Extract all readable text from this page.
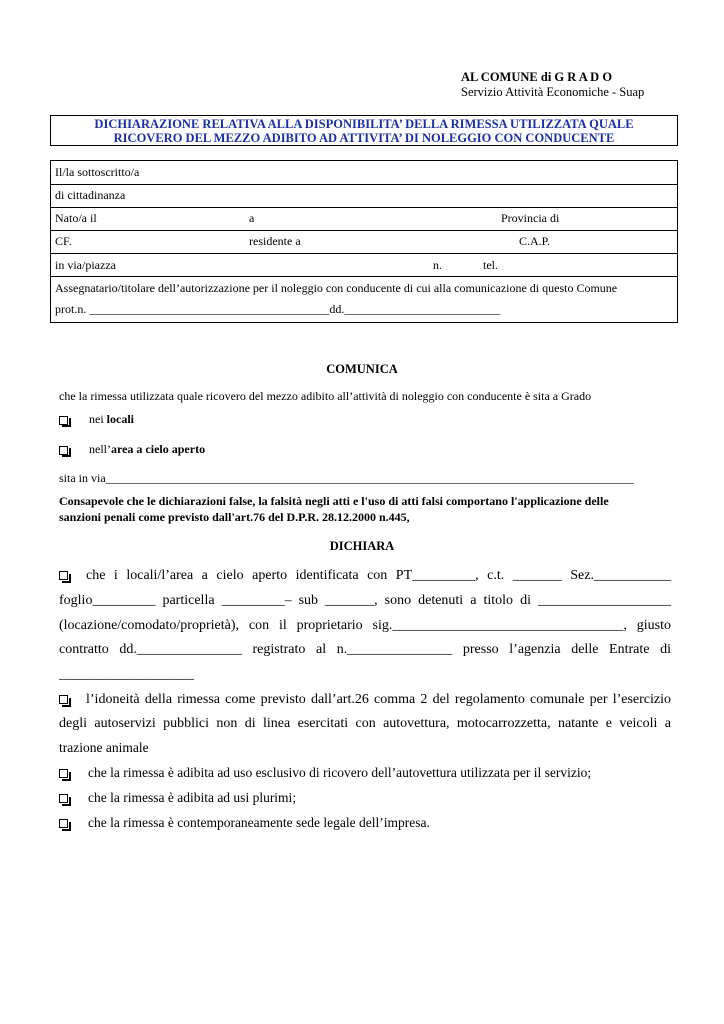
AL COMUNE di G R A D O
Servizio Attività Economiche - Suap
DICHIARAZIONE RELATIVA ALLA DISPONIBILITA’ DELLA RIMESSA UTILIZZATA QUALE
RICOVERO DEL MEZZO ADIBITO AD ATTIVITA’ DI NOLEGGIO CON CONDUCENTE
Il/la sottoscritto/a
di cittadinanza
Nato/a il	a	Provincia di
CF.	residente a	C.A.P.
in via/piazza	n.	tel.
Assegnatario/titolare dell’autorizzazione per il noleggio con conducente di cui alla comunicazione di questo Comune
prot.n. ________________________________________dd.__________________________
COMUNICA
che la rimessa utilizzata quale ricovero del mezzo adibito all’attività di noleggio con conducente è sita a Grado
nei locali
nell’area a cielo aperto
sita in via________________________________________________________________________________________
Consapevole che le dichiarazioni false, la falsità negli atti e l'uso di atti falsi comportano l'applicazione delle
sanzioni penali come previsto dall'art.76 del D.P.R. 28.12.2000 n.445,
DICHIARA
che i locali/l’area a cielo aperto identificata con PT_________, c.t. _______ Sez.___________
foglio_________ particella _________– sub _______, sono detenuti a titolo di ___________________
(locazione/comodato/proprietà), con il proprietario sig._________________________________, giusto
contratto dd._______________ registrato al n._______________ presso l’agenzia delle Entrate di
____________________
l’idoneità della rimessa come previsto dall’art.26 comma 2 del regolamento comunale per l’esercizio
degli autoservizi pubblici non di linea esercitati con autovettura, motocarrozzetta, natante e veicoli a
trazione animale
che la rimessa è adibita ad uso esclusivo di ricovero dell’autovettura utilizzata per il servizio;
che la rimessa è adibita ad usi plurimi;
che la rimessa è contemporaneamente sede legale dell’impresa.
